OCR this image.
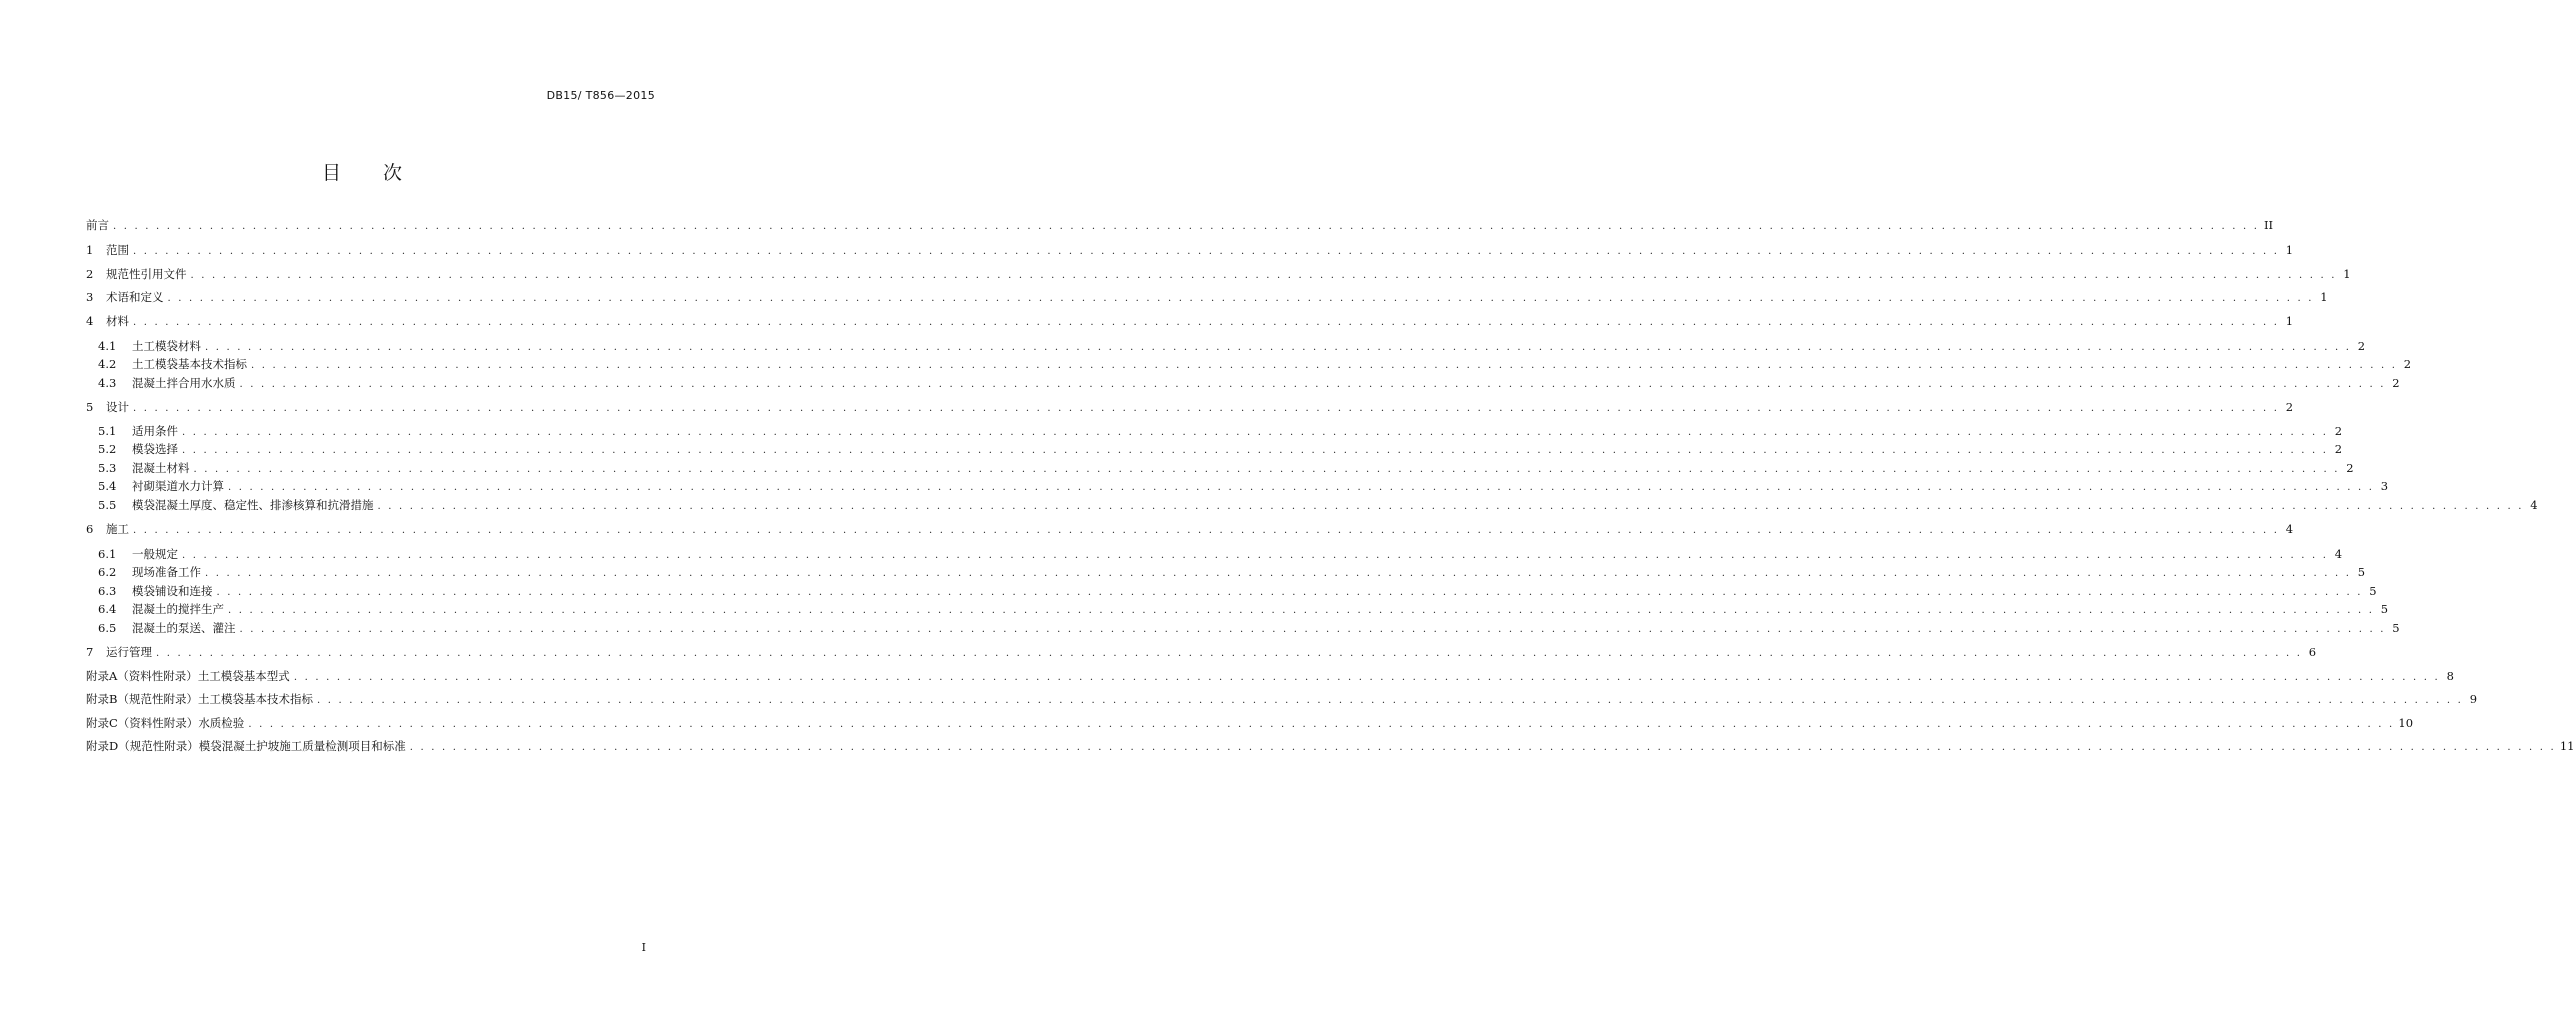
DB15/ T856—2015
目 次
前言 . . . . . . . . . . . . . . . . . . . . . . . . . . . . . . . . . . . . . . . . . . . . . . . . . . . . . . . . . . . . . . . . . . . . . . . . . . . . . . . . . . . . . . . . . . . . . . . . . . . . . . . . . . . . . . . . . . . . . . . . . . . . . . . . . . . . . . . . . . . . . . . . . . . . . . . . . . . . . . . . . . . . . . . . . . . . . . . . . . . . . . . . . . . . . . . . . . . . . . . . II
1	范围 . . . . . . . . . . . . . . . . . . . . . . . . . . . . . . . . . . . . . . . . . . . . . . . . . . . . . . . . . . . . . . . . . . . . . . . . . . . . . . . . . . . . . . . . . . . . . . . . . . . . . . . . . . . . . . . . . . . . . . . . . . . . . . . . . . . . . . . . . . . . . . . . . . . . . . . . . . . . . . . . . . . . . . . . . . . . . . . . . . . . . . . . . . . . . . . . . . . . . . . . 1
2	规范性引用文件 . . . . . . . . . . . . . . . . . . . . . . . . . . . . . . . . . . . . . . . . . . . . . . . . . . . . . . . . . . . . . . . . . . . . . . . . . . . . . . . . . . . . . . . . . . . . . . . . . . . . . . . . . . . . . . . . . . . . . . . . . . . . . . . . . . . . . . . . . . . . . . . . . . . . . . . . . . . . . . . . . . . . . . . . . . . . . . . . . . . . . . . . . . . . . . . . . . . . . . . . 1
3	术语和定义 . . . . . . . . . . . . . . . . . . . . . . . . . . . . . . . . . . . . . . . . . . . . . . . . . . . . . . . . . . . . . . . . . . . . . . . . . . . . . . . . . . . . . . . . . . . . . . . . . . . . . . . . . . . . . . . . . . . . . . . . . . . . . . . . . . . . . . . . . . . . . . . . . . . . . . . . . . . . . . . . . . . . . . . . . . . . . . . . . . . . . . . . . . . . . . . . . . . . . . . . 1
4	材料 . . . . . . . . . . . . . . . . . . . . . . . . . . . . . . . . . . . . . . . . . . . . . . . . . . . . . . . . . . . . . . . . . . . . . . . . . . . . . . . . . . . . . . . . . . . . . . . . . . . . . . . . . . . . . . . . . . . . . . . . . . . . . . . . . . . . . . . . . . . . . . . . . . . . . . . . . . . . . . . . . . . . . . . . . . . . . . . . . . . . . . . . . . . . . . . . . . . . . . . . 1
4.1	土工模袋材料 . . . . . . . . . . . . . . . . . . . . . . . . . . . . . . . . . . . . . . . . . . . . . . . . . . . . . . . . . . . . . . . . . . . . . . . . . . . . . . . . . . . . . . . . . . . . . . . . . . . . . . . . . . . . . . . . . . . . . . . . . . . . . . . . . . . . . . . . . . . . . . . . . . . . . . . . . . . . . . . . . . . . . . . . . . . . . . . . . . . . . . . . . . . . . . . . . . . . . . . . 2
4.2	土工模袋基本技术指标 . . . . . . . . . . . . . . . . . . . . . . . . . . . . . . . . . . . . . . . . . . . . . . . . . . . . . . . . . . . . . . . . . . . . . . . . . . . . . . . . . . . . . . . . . . . . . . . . . . . . . . . . . . . . . . . . . . . . . . . . . . . . . . . . . . . . . . . . . . . . . . . . . . . . . . . . . . . . . . . . . . . . . . . . . . . . . . . . . . . . . . . . . . . . . . . . . . . . . . . . 2
4.3	混凝土拌合用水水质 . . . . . . . . . . . . . . . . . . . . . . . . . . . . . . . . . . . . . . . . . . . . . . . . . . . . . . . . . . . . . . . . . . . . . . . . . . . . . . . . . . . . . . . . . . . . . . . . . . . . . . . . . . . . . . . . . . . . . . . . . . . . . . . . . . . . . . . . . . . . . . . . . . . . . . . . . . . . . . . . . . . . . . . . . . . . . . . . . . . . . . . . . . . . . . . . . . . . . . . . 2
5	设计 . . . . . . . . . . . . . . . . . . . . . . . . . . . . . . . . . . . . . . . . . . . . . . . . . . . . . . . . . . . . . . . . . . . . . . . . . . . . . . . . . . . . . . . . . . . . . . . . . . . . . . . . . . . . . . . . . . . . . . . . . . . . . . . . . . . . . . . . . . . . . . . . . . . . . . . . . . . . . . . . . . . . . . . . . . . . . . . . . . . . . . . . . . . . . . . . . . . . . . . . 2
5.1	适用条件 . . . . . . . . . . . . . . . . . . . . . . . . . . . . . . . . . . . . . . . . . . . . . . . . . . . . . . . . . . . . . . . . . . . . . . . . . . . . . . . . . . . . . . . . . . . . . . . . . . . . . . . . . . . . . . . . . . . . . . . . . . . . . . . . . . . . . . . . . . . . . . . . . . . . . . . . . . . . . . . . . . . . . . . . . . . . . . . . . . . . . . . . . . . . . . . . . . . . . . . . 2
5.2	模袋选择 . . . . . . . . . . . . . . . . . . . . . . . . . . . . . . . . . . . . . . . . . . . . . . . . . . . . . . . . . . . . . . . . . . . . . . . . . . . . . . . . . . . . . . . . . . . . . . . . . . . . . . . . . . . . . . . . . . . . . . . . . . . . . . . . . . . . . . . . . . . . . . . . . . . . . . . . . . . . . . . . . . . . . . . . . . . . . . . . . . . . . . . . . . . . . . . . . . . . . . . . 2
5.3	混凝土材料 . . . . . . . . . . . . . . . . . . . . . . . . . . . . . . . . . . . . . . . . . . . . . . . . . . . . . . . . . . . . . . . . . . . . . . . . . . . . . . . . . . . . . . . . . . . . . . . . . . . . . . . . . . . . . . . . . . . . . . . . . . . . . . . . . . . . . . . . . . . . . . . . . . . . . . . . . . . . . . . . . . . . . . . . . . . . . . . . . . . . . . . . . . . . . . . . . . . . . . . . 2
5.4	衬砌渠道水力计算 . . . . . . . . . . . . . . . . . . . . . . . . . . . . . . . . . . . . . . . . . . . . . . . . . . . . . . . . . . . . . . . . . . . . . . . . . . . . . . . . . . . . . . . . . . . . . . . . . . . . . . . . . . . . . . . . . . . . . . . . . . . . . . . . . . . . . . . . . . . . . . . . . . . . . . . . . . . . . . . . . . . . . . . . . . . . . . . . . . . . . . . . . . . . . . . . . . . . . . . . 3
5.5	模袋混凝土厚度、稳定性、排渗核算和抗滑措施 . . . . . . . . . . . . . . . . . . . . . . . . . . . . . . . . . . . . . . . . . . . . . . . . . . . . . . . . . . . . . . . . . . . . . . . . . . . . . . . . . . . . . . . . . . . . . . . . . . . . . . . . . . . . . . . . . . . . . . . . . . . . . . . . . . . . . . . . . . . . . . . . . . . . . . . . . . . . . . . . . . . . . . . . . . . . . . . . . . . . . . . . . . . . . . . . . . . . . . . . 4
6	施工 . . . . . . . . . . . . . . . . . . . . . . . . . . . . . . . . . . . . . . . . . . . . . . . . . . . . . . . . . . . . . . . . . . . . . . . . . . . . . . . . . . . . . . . . . . . . . . . . . . . . . . . . . . . . . . . . . . . . . . . . . . . . . . . . . . . . . . . . . . . . . . . . . . . . . . . . . . . . . . . . . . . . . . . . . . . . . . . . . . . . . . . . . . . . . . . . . . . . . . . . 4
6.1	一般规定 . . . . . . . . . . . . . . . . . . . . . . . . . . . . . . . . . . . . . . . . . . . . . . . . . . . . . . . . . . . . . . . . . . . . . . . . . . . . . . . . . . . . . . . . . . . . . . . . . . . . . . . . . . . . . . . . . . . . . . . . . . . . . . . . . . . . . . . . . . . . . . . . . . . . . . . . . . . . . . . . . . . . . . . . . . . . . . . . . . . . . . . . . . . . . . . . . . . . . . . . 4
6.2	现场准备工作 . . . . . . . . . . . . . . . . . . . . . . . . . . . . . . . . . . . . . . . . . . . . . . . . . . . . . . . . . . . . . . . . . . . . . . . . . . . . . . . . . . . . . . . . . . . . . . . . . . . . . . . . . . . . . . . . . . . . . . . . . . . . . . . . . . . . . . . . . . . . . . . . . . . . . . . . . . . . . . . . . . . . . . . . . . . . . . . . . . . . . . . . . . . . . . . . . . . . . . . . 5
6.3	模袋铺设和连接 . . . . . . . . . . . . . . . . . . . . . . . . . . . . . . . . . . . . . . . . . . . . . . . . . . . . . . . . . . . . . . . . . . . . . . . . . . . . . . . . . . . . . . . . . . . . . . . . . . . . . . . . . . . . . . . . . . . . . . . . . . . . . . . . . . . . . . . . . . . . . . . . . . . . . . . . . . . . . . . . . . . . . . . . . . . . . . . . . . . . . . . . . . . . . . . . . . . . . . . . 5
6.4	混凝土的搅拌生产 . . . . . . . . . . . . . . . . . . . . . . . . . . . . . . . . . . . . . . . . . . . . . . . . . . . . . . . . . . . . . . . . . . . . . . . . . . . . . . . . . . . . . . . . . . . . . . . . . . . . . . . . . . . . . . . . . . . . . . . . . . . . . . . . . . . . . . . . . . . . . . . . . . . . . . . . . . . . . . . . . . . . . . . . . . . . . . . . . . . . . . . . . . . . . . . . . . . . . . . . 5
6.5	混凝土的泵送、灌注 . . . . . . . . . . . . . . . . . . . . . . . . . . . . . . . . . . . . . . . . . . . . . . . . . . . . . . . . . . . . . . . . . . . . . . . . . . . . . . . . . . . . . . . . . . . . . . . . . . . . . . . . . . . . . . . . . . . . . . . . . . . . . . . . . . . . . . . . . . . . . . . . . . . . . . . . . . . . . . . . . . . . . . . . . . . . . . . . . . . . . . . . . . . . . . . . . . . . . . . . 5
7	运行管理 . . . . . . . . . . . . . . . . . . . . . . . . . . . . . . . . . . . . . . . . . . . . . . . . . . . . . . . . . . . . . . . . . . . . . . . . . . . . . . . . . . . . . . . . . . . . . . . . . . . . . . . . . . . . . . . . . . . . . . . . . . . . . . . . . . . . . . . . . . . . . . . . . . . . . . . . . . . . . . . . . . . . . . . . . . . . . . . . . . . . . . . . . . . . . . . . . . . . . . . . 6
附录A（资料性附录） 土工模袋基本型式 . . . . . . . . . . . . . . . . . . . . . . . . . . . . . . . . . . . . . . . . . . . . . . . . . . . . . . . . . . . . . . . . . . . . . . . . . . . . . . . . . . . . . . . . . . . . . . . . . . . . . . . . . . . . . . . . . . . . . . . . . . . . . . . . . . . . . . . . . . . . . . . . . . . . . . . . . . . . . . . . . . . . . . . . . . . . . . . . . . . . . . . . . . . . . . . . . . . . . . . . 8
附录B（规范性附录） 土工模袋基本技术指标 . . . . . . . . . . . . . . . . . . . . . . . . . . . . . . . . . . . . . . . . . . . . . . . . . . . . . . . . . . . . . . . . . . . . . . . . . . . . . . . . . . . . . . . . . . . . . . . . . . . . . . . . . . . . . . . . . . . . . . . . . . . . . . . . . . . . . . . . . . . . . . . . . . . . . . . . . . . . . . . . . . . . . . . . . . . . . . . . . . . . . . . . . . . . . . . . . . . . . . . . 9
附录C（资料性附录） 水质检验 . . . . . . . . . . . . . . . . . . . . . . . . . . . . . . . . . . . . . . . . . . . . . . . . . . . . . . . . . . . . . . . . . . . . . . . . . . . . . . . . . . . . . . . . . . . . . . . . . . . . . . . . . . . . . . . . . . . . . . . . . . . . . . . . . . . . . . . . . . . . . . . . . . . . . . . . . . . . . . . . . . . . . . . . . . . . . . . . . . . . . . . . . . . . . . . . . . . . . . . . 10
附录D（规范性附录） 模袋混凝土护坡施工质量检测项目和标准 . . . . . . . . . . . . . . . . . . . . . . . . . . . . . . . . . . . . . . . . . . . . . . . . . . . . . . . . . . . . . . . . . . . . . . . . . . . . . . . . . . . . . . . . . . . . . . . . . . . . . . . . . . . . . . . . . . . . . . . . . . . . . . . . . . . . . . . . . . . . . . . . . . . . . . . . . . . . . . . . . . . . . . . . . . . . . . . . . . . . . . . . . . . . . . . . . . . . . . . . 11
I
